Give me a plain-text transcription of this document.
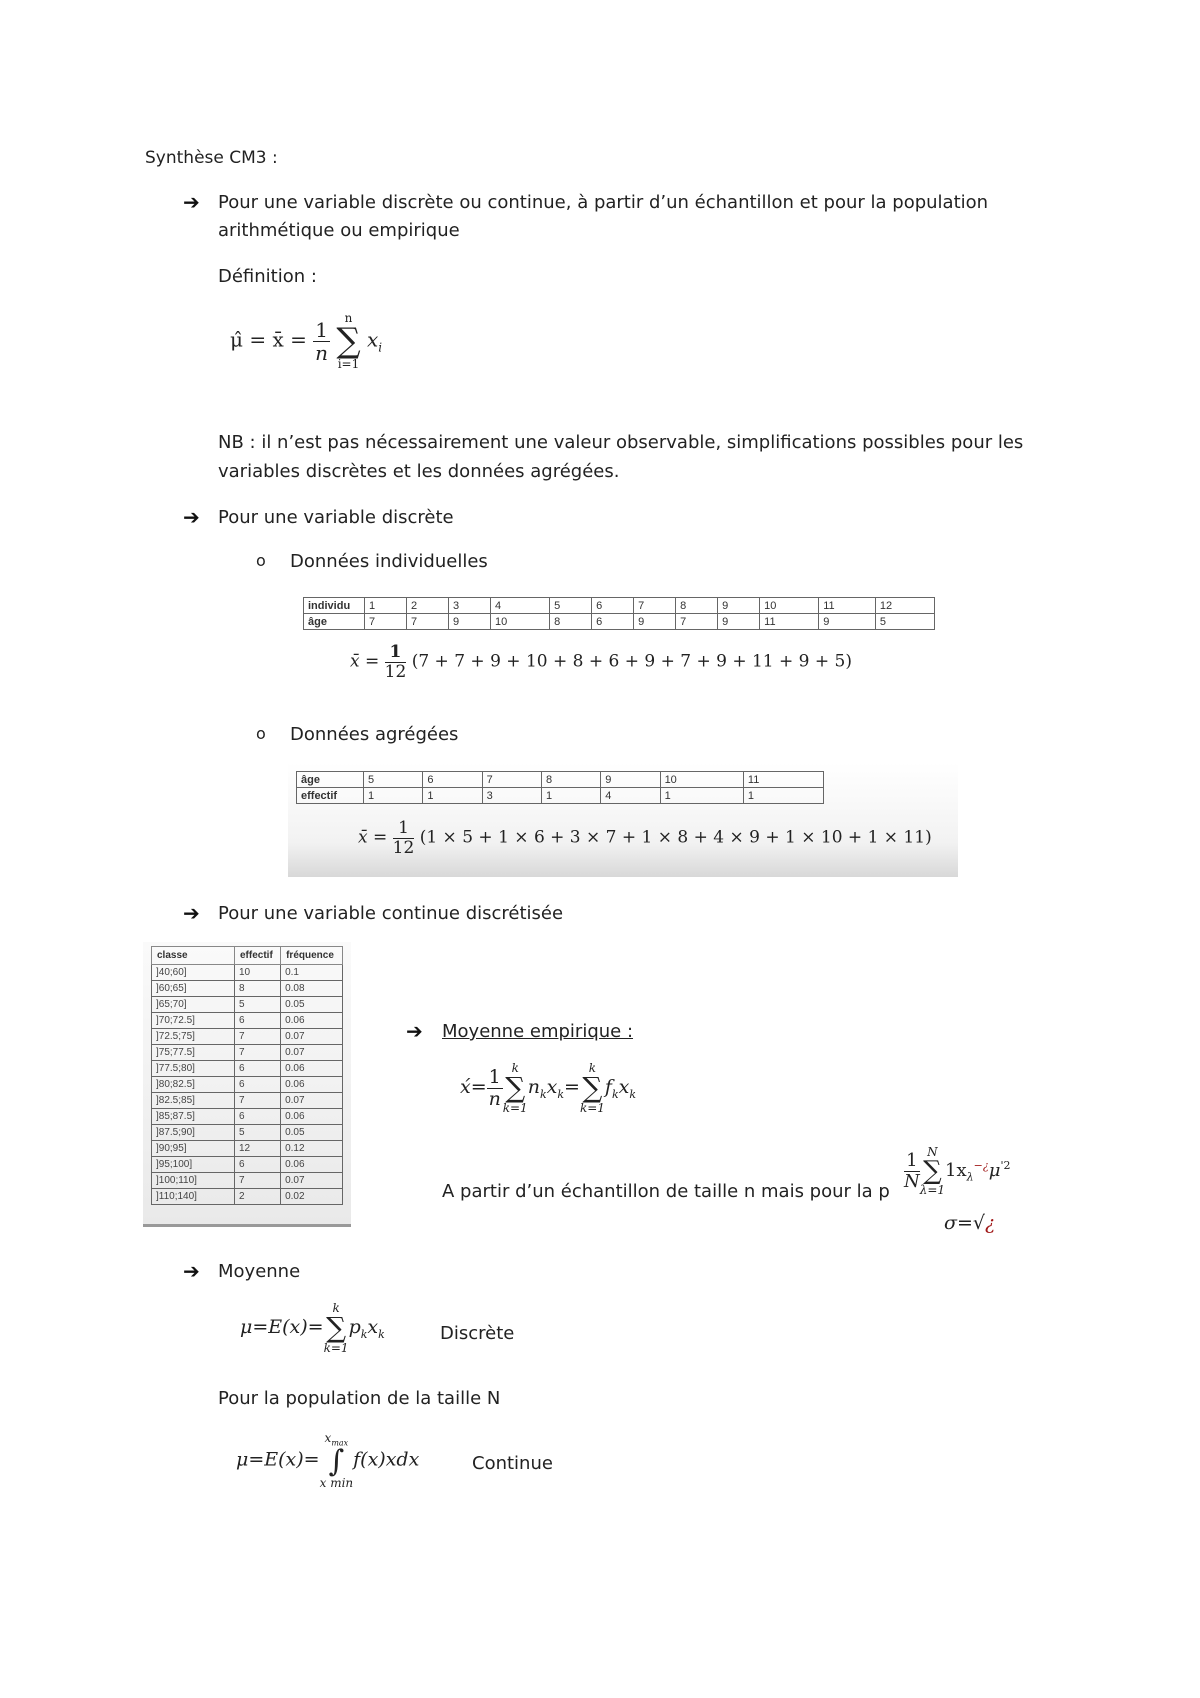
Synthèse CM3 :
➔ Pour une variable discrète ou continue, à partir d’un échantillon et pour la population
arithmétique ou empirique
Définition :
μ̂ = x̄ = $\frac{1}{n}$

n
∑
i=1
$x_i$
NB : il n’est pas nécessairement une valeur observable, simplifications possibles pour les
variables discrètes et les données agrégées.
➔ Pour une variable discrète
o Données individuelles
individu	1	2	3	4	5	6	7	8	9	10	11	12
âge	7	7	9	10	8	6	9	7	9	11	9	5
x̄ = $\frac{1}{12} (7 + 7 + 9 + 10 + 8 + 6 + 9 + 7 + 9 + 11 + 9 + 5)$
o Données agrégées
âge	5	6	7	8	9	10	11
effectif	1	1	3	1	4	1	1
x̄ = $\frac{1}{12} (1 \times 5 + 1 \times 6 + 3 \times 7 + 1 \times 8 + 4 \times 9 + 1 \times 10 + 1 \times 11)$
➔ Pour une variable continue discrétisée
classe	effectif	fréquence
]40;60]	10	0.1
]60;65]	8	0.08
]65;70]	5	0.05
]70;72.5]	6	0.06
]72.5;75]	7	0.07
]75;77.5]	7	0.07
]77.5;80]	6	0.06
]80;82.5]	6	0.06
]82.5;85]	7	0.07
]85;87.5]	6	0.06
]87.5;90]	5	0.05
]90;95]	12	0.12
]95;100]	6	0.06
]100;110]	7	0.07
]110;140]	2	0.02
➔ Moyenne empirique :
x́= $\frac{1}{n}$ k
∑
k=1
$n_kx_k=$
k
∑
k=1
$f_kx_k$
A partir d’un échantillon de taille n mais pour la p
$\frac{1}{N}$ N
∑
λ=1
$1x_\lambda^{-¿}\mu^{'2}$
σ=√¿
➔ Moyenne
μ=E(x)=
k
∑
k=1
$p_kx_k$	Discrète
Pour la population de la taille N
μ=E(x)=
$x_{max}$
∫
x min
f(x)xdx	Continue
